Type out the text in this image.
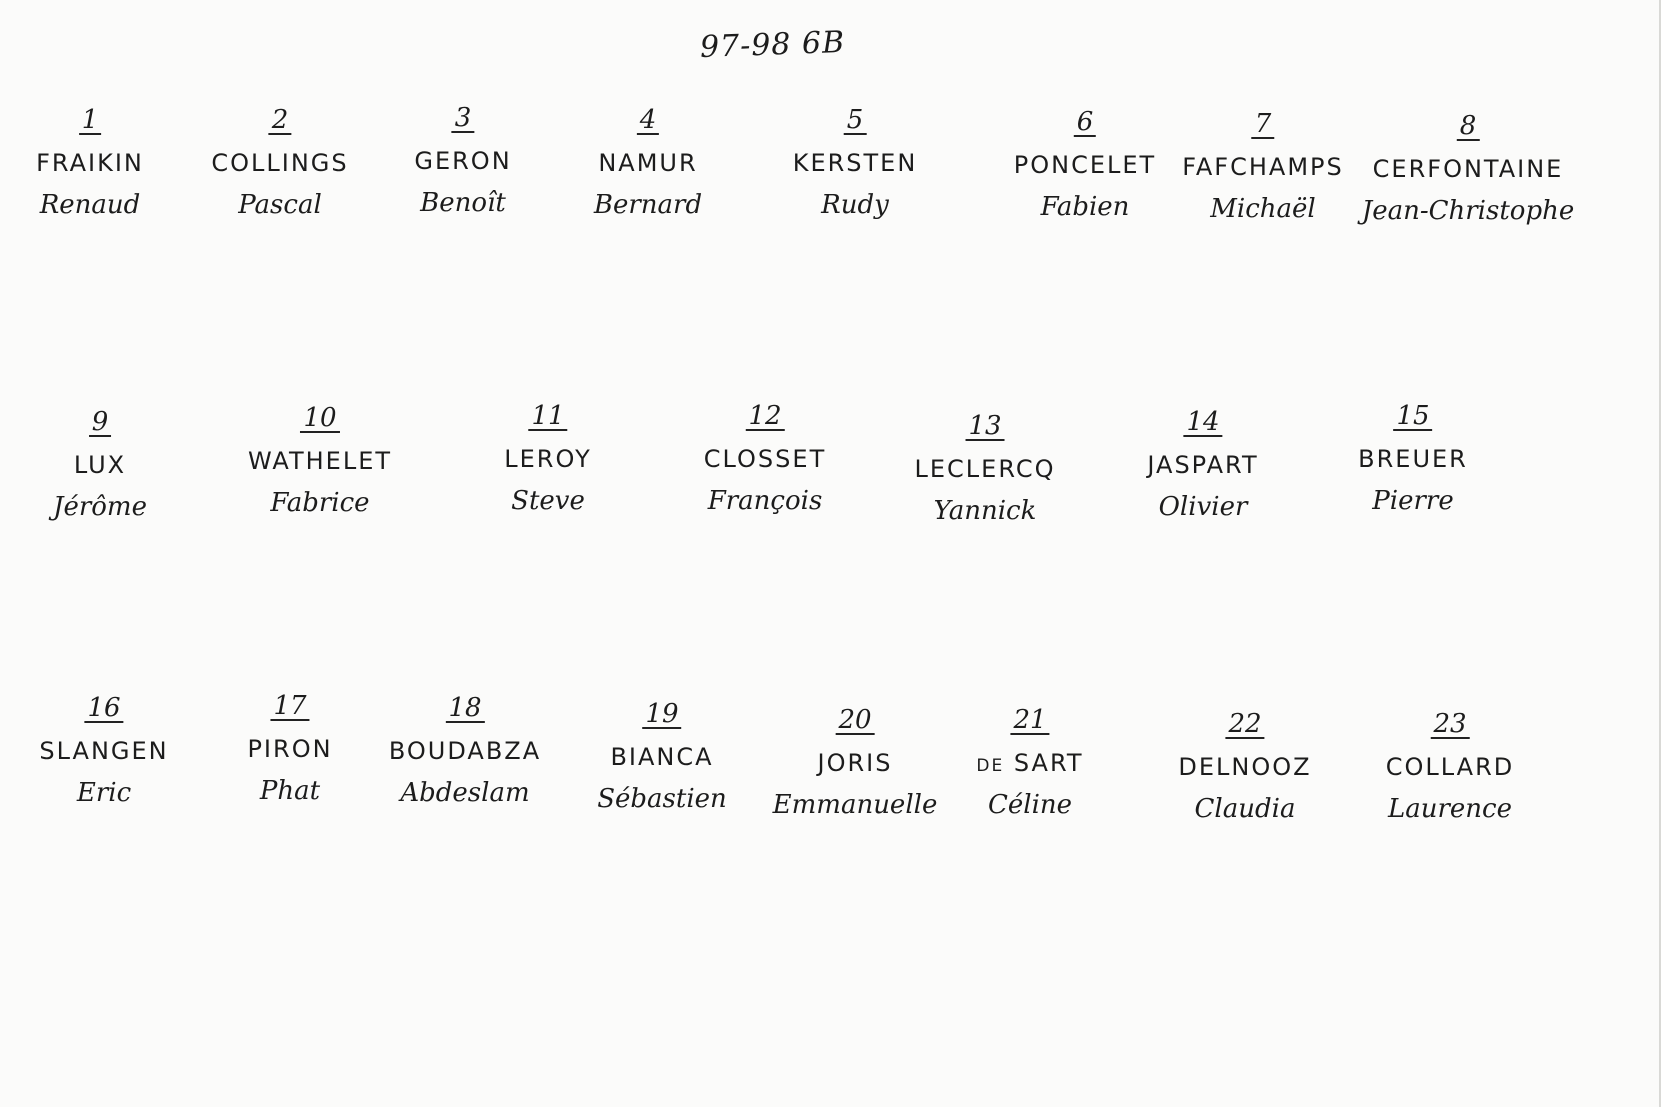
97-98 6B
1
FRAIKIN
Renaud
2
COLLINGS
Pascal
3
GERON
Benoît
4
NAMUR
Bernard
5
KERSTEN
Rudy
6
PONCELET
Fabien
7
FAFCHAMPS
Michaël
8
CERFONTAINE
Jean-Christophe
9
LUX
Jérôme
10
WATHELET
Fabrice
11
LEROY
Steve
12
CLOSSET
François
13
LECLERCQ
Yannick
14
JASPART
Olivier
15
BREUER
Pierre
16
SLANGEN
Eric
17
PIRON
Phat
18
BOUDABZA
Abdeslam
19
BIANCA
Sébastien
20
JORIS
Emmanuelle
21
de SART
Céline
22
DELNOOZ
Claudia
23
COLLARD
Laurence
